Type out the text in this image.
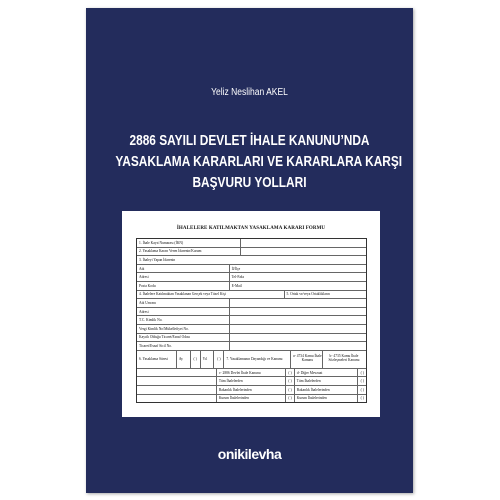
Yeliz Neslihan AKEL
2886 SAYILI DEVLET İHALE KANUNU’NDA
YASAKLAMA KARARLARI VE KARARLARA KARŞI
BAŞVURU YOLLARI
onikilevha
İHALELERE KATILMAKTAN YASAKLAMA KARARI FORMU
1. İhale Kayıt Numarası (İKN)
2. Yasaklama Kararı Veren İdarenin/Kurum
3. İhaleyi Yapan İdarenin
Adı	İl/İlçe
Adresi	Tel-Faks
Posta Kodu	E-Mail
4. İhalelere Katılmaktan Yasaklanan Gerçek veya Tüzel Kişi	5. Ortak ve/veya Ortaklıkların
Adı Unvanı
Adresi
T.C. Kimlik No.
Vergi Kimlik No/Mükellefiyet No.
Kayıtlı Olduğu Ticaret/Esnaf Odası
Ticaret/Esnaf Sicil No.
6. Yasaklama Süresi	Ay	( )	Yıl	( )	7. Yasaklamanın Dayandığı ve Kanunu
a- 4734 Kamu İhale Kanunu
b- 4735 Kamu İhale Sözleşmeleri Kanunu
c- 2886 Devlet İhale Kanunu	( )	d- Diğer Mevzuat	( )
Tüm İhalelerden	( )	Tüm İhalelerden	( )
Bakanlık İhalelerinden	( )	Bakanlık İhalelerinden	( )
Kurum İhalelerinden	( )	Kurum İhalelerinden	( )
